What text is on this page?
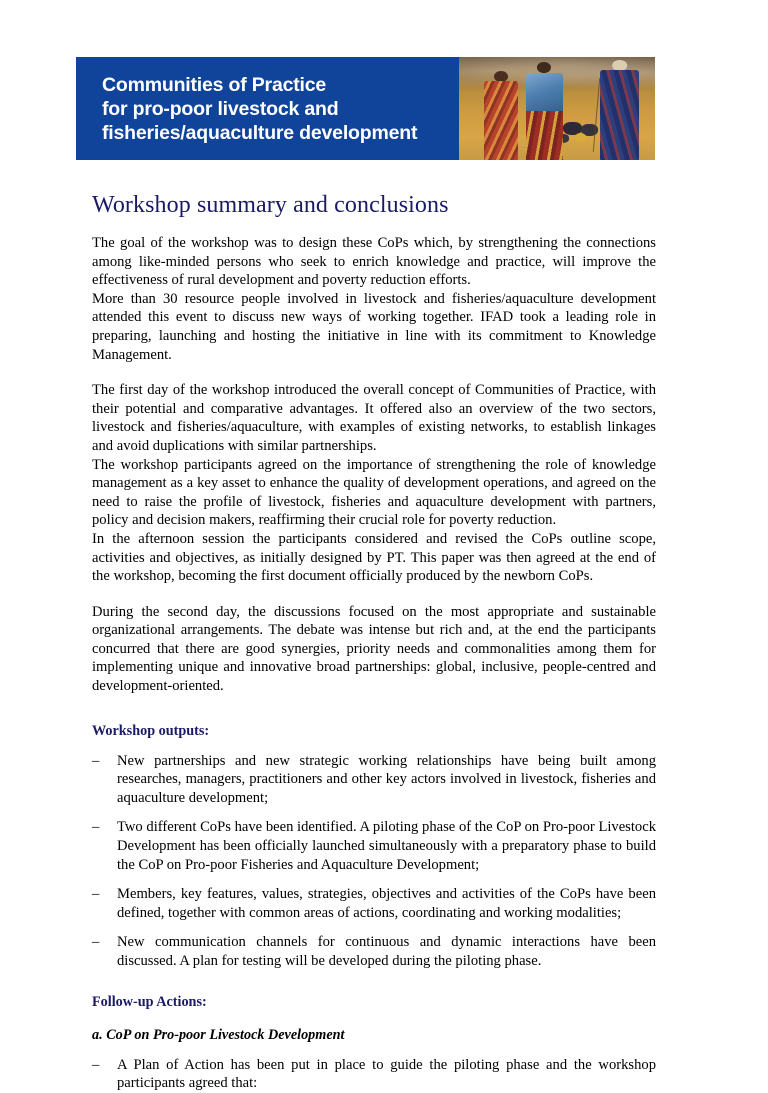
Communities of Practice
for pro-poor livestock and
fisheries/aquaculture development
Workshop summary and conclusions

The goal of the workshop was to design these CoPs which, by strengthening the connections among like-minded persons who seek to enrich knowledge and practice, will improve the effectiveness of rural development and poverty reduction efforts.

More than 30 resource people involved in livestock and fisheries/aquaculture development attended this event to discuss new ways of working together. IFAD took a leading role in preparing, launching and hosting the initiative in line with its commitment to Knowledge Management.

The first day of the workshop introduced the overall concept of Communities of Practice, with their potential and comparative advantages. It offered also an overview of the two sectors, livestock and fisheries/aquaculture, with examples of existing networks, to establish linkages and avoid duplications with similar partnerships.

The workshop participants agreed on the importance of strengthening the role of knowledge management as a key asset to enhance the quality of development operations, and agreed on the need to raise the profile of livestock, fisheries and aquaculture development with partners, policy and decision makers, reaffirming their crucial role for poverty reduction.

In the afternoon session the participants considered and revised the CoPs outline scope, activities and objectives, as initially designed by PT. This paper was then agreed at the end of the workshop, becoming the first document officially produced by the newborn CoPs.

During the second day, the discussions focused on the most appropriate and sustainable organizational arrangements. The debate was intense but rich and, at the end the participants concurred that there are good synergies, priority needs and commonalities among them for implementing unique and innovative broad partnerships: global, inclusive, people-centred and development-oriented.

Workshop outputs:
–	New partnerships and new strategic working relationships have being built among researches, managers, practitioners and other key actors involved in livestock, fisheries and aquaculture development;
–	Two different CoPs have been identified. A piloting phase of the CoP on Pro-poor Livestock Development has been officially launched simultaneously with a preparatory phase to build the CoP on Pro-poor Fisheries and Aquaculture Development;
–	Members, key features, values, strategies, objectives and activities of the CoPs have been defined, together with common areas of actions, coordinating and working modalities;
–	New communication channels for continuous and dynamic interactions have been discussed. A plan for testing will be developed during the piloting phase.
Follow-up Actions:
a. CoP on Pro-poor Livestock Development
–	A Plan of Action has been put in place to guide the piloting phase and the workshop participants agreed that:
